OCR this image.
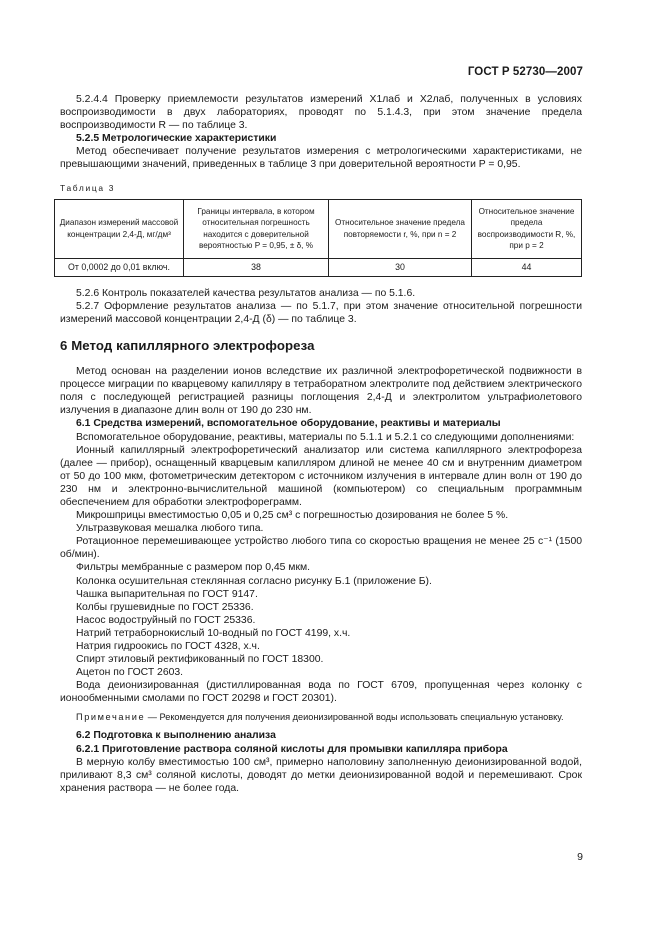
ГОСТ Р 52730—2007

5.2.4.4 Проверку приемлемости результатов измерений X1лаб и X2лаб, полученных в условиях воспроизводимости в двух лабораториях, проводят по 5.1.4.3, при этом значение предела воспроизводимости R — по таблице 3.

5.2.5 Метрологические характеристики

Метод обеспечивает получение результатов измерения с метрологическими характеристиками, не превышающими значений, приведенных в таблице 3 при доверительной вероятности P = 0,95.

Таблица 3
Диапазон измерений массовой концентрации 2,4-Д, мг/дм³	Границы интервала, в котором относительная погрешность находится с доверительной вероятностью P = 0,95, ± δ, %	Относительное значение предела повторяемости r, %, при n = 2	Относительное значение предела воспроизводимости R, %, при p = 2
От 0,0002 до 0,01 включ.	38	30	44

5.2.6 Контроль показателей качества результатов анализа — по 5.1.6.

5.2.7 Оформление результатов анализа — по 5.1.7, при этом значение относительной погрешности измерений массовой концентрации 2,4-Д (δ) — по таблице 3.

6 Метод капиллярного электрофореза

Метод основан на разделении ионов вследствие их различной электрофоретической подвижности в процессе миграции по кварцевому капилляру в тетраборатном электролите под действием электрического поля с последующей регистрацией разницы поглощения 2,4-Д и электролитом ультрафиолетового излучения в диапазоне длин волн от 190 до 230 нм.

6.1 Средства измерений, вспомогательное оборудование, реактивы и материалы

Вспомогательное оборудование, реактивы, материалы по 5.1.1 и 5.2.1 со следующими дополнениями:

Ионный капиллярный электрофоретический анализатор или система капиллярного электрофореза (далее — прибор), оснащенный кварцевым капилляром длиной не менее 40 см и внутренним диаметром от 50 до 100 мкм, фотометрическим детектором с источником излучения в интервале длин волн от 190 до 230 нм и электронно-вычислительной машиной (компьютером) со специальным программным обеспечением для обработки электрофореграмм.

Микрошприцы вместимостью 0,05 и 0,25 см³ с погрешностью дозирования не более 5 %.

Ультразвуковая мешалка любого типа.

Ротационное перемешивающее устройство любого типа со скоростью вращения не менее 25 с⁻¹ (1500 об/мин).

Фильтры мембранные с размером пор 0,45 мкм.

Колонка осушительная стеклянная согласно рисунку Б.1 (приложение Б).

Чашка выпарительная по ГОСТ 9147.

Колбы грушевидные по ГОСТ 25336.

Насос водоструйный по ГОСТ 25336.

Натрий тетраборнокислый 10-водный по ГОСТ 4199, х.ч.

Натрия гидроокись по ГОСТ 4328, х.ч.

Спирт этиловый ректификованный по ГОСТ 18300.

Ацетон по ГОСТ 2603.

Вода деионизированная (дистиллированная вода по ГОСТ 6709, пропущенная через колонку с ионообменными смолами по ГОСТ 20298 и ГОСТ 20301).

Примечание — Рекомендуется для получения деионизированной воды использовать специальную установку.

6.2 Подготовка к выполнению анализа

6.2.1 Приготовление раствора соляной кислоты для промывки капилляра прибора

В мерную колбу вместимостью 100 см³, примерно наполовину заполненную деионизированной водой, приливают 8,3 см³ соляной кислоты, доводят до метки деионизированной водой и перемешивают. Срок хранения раствора — не более года.

9
